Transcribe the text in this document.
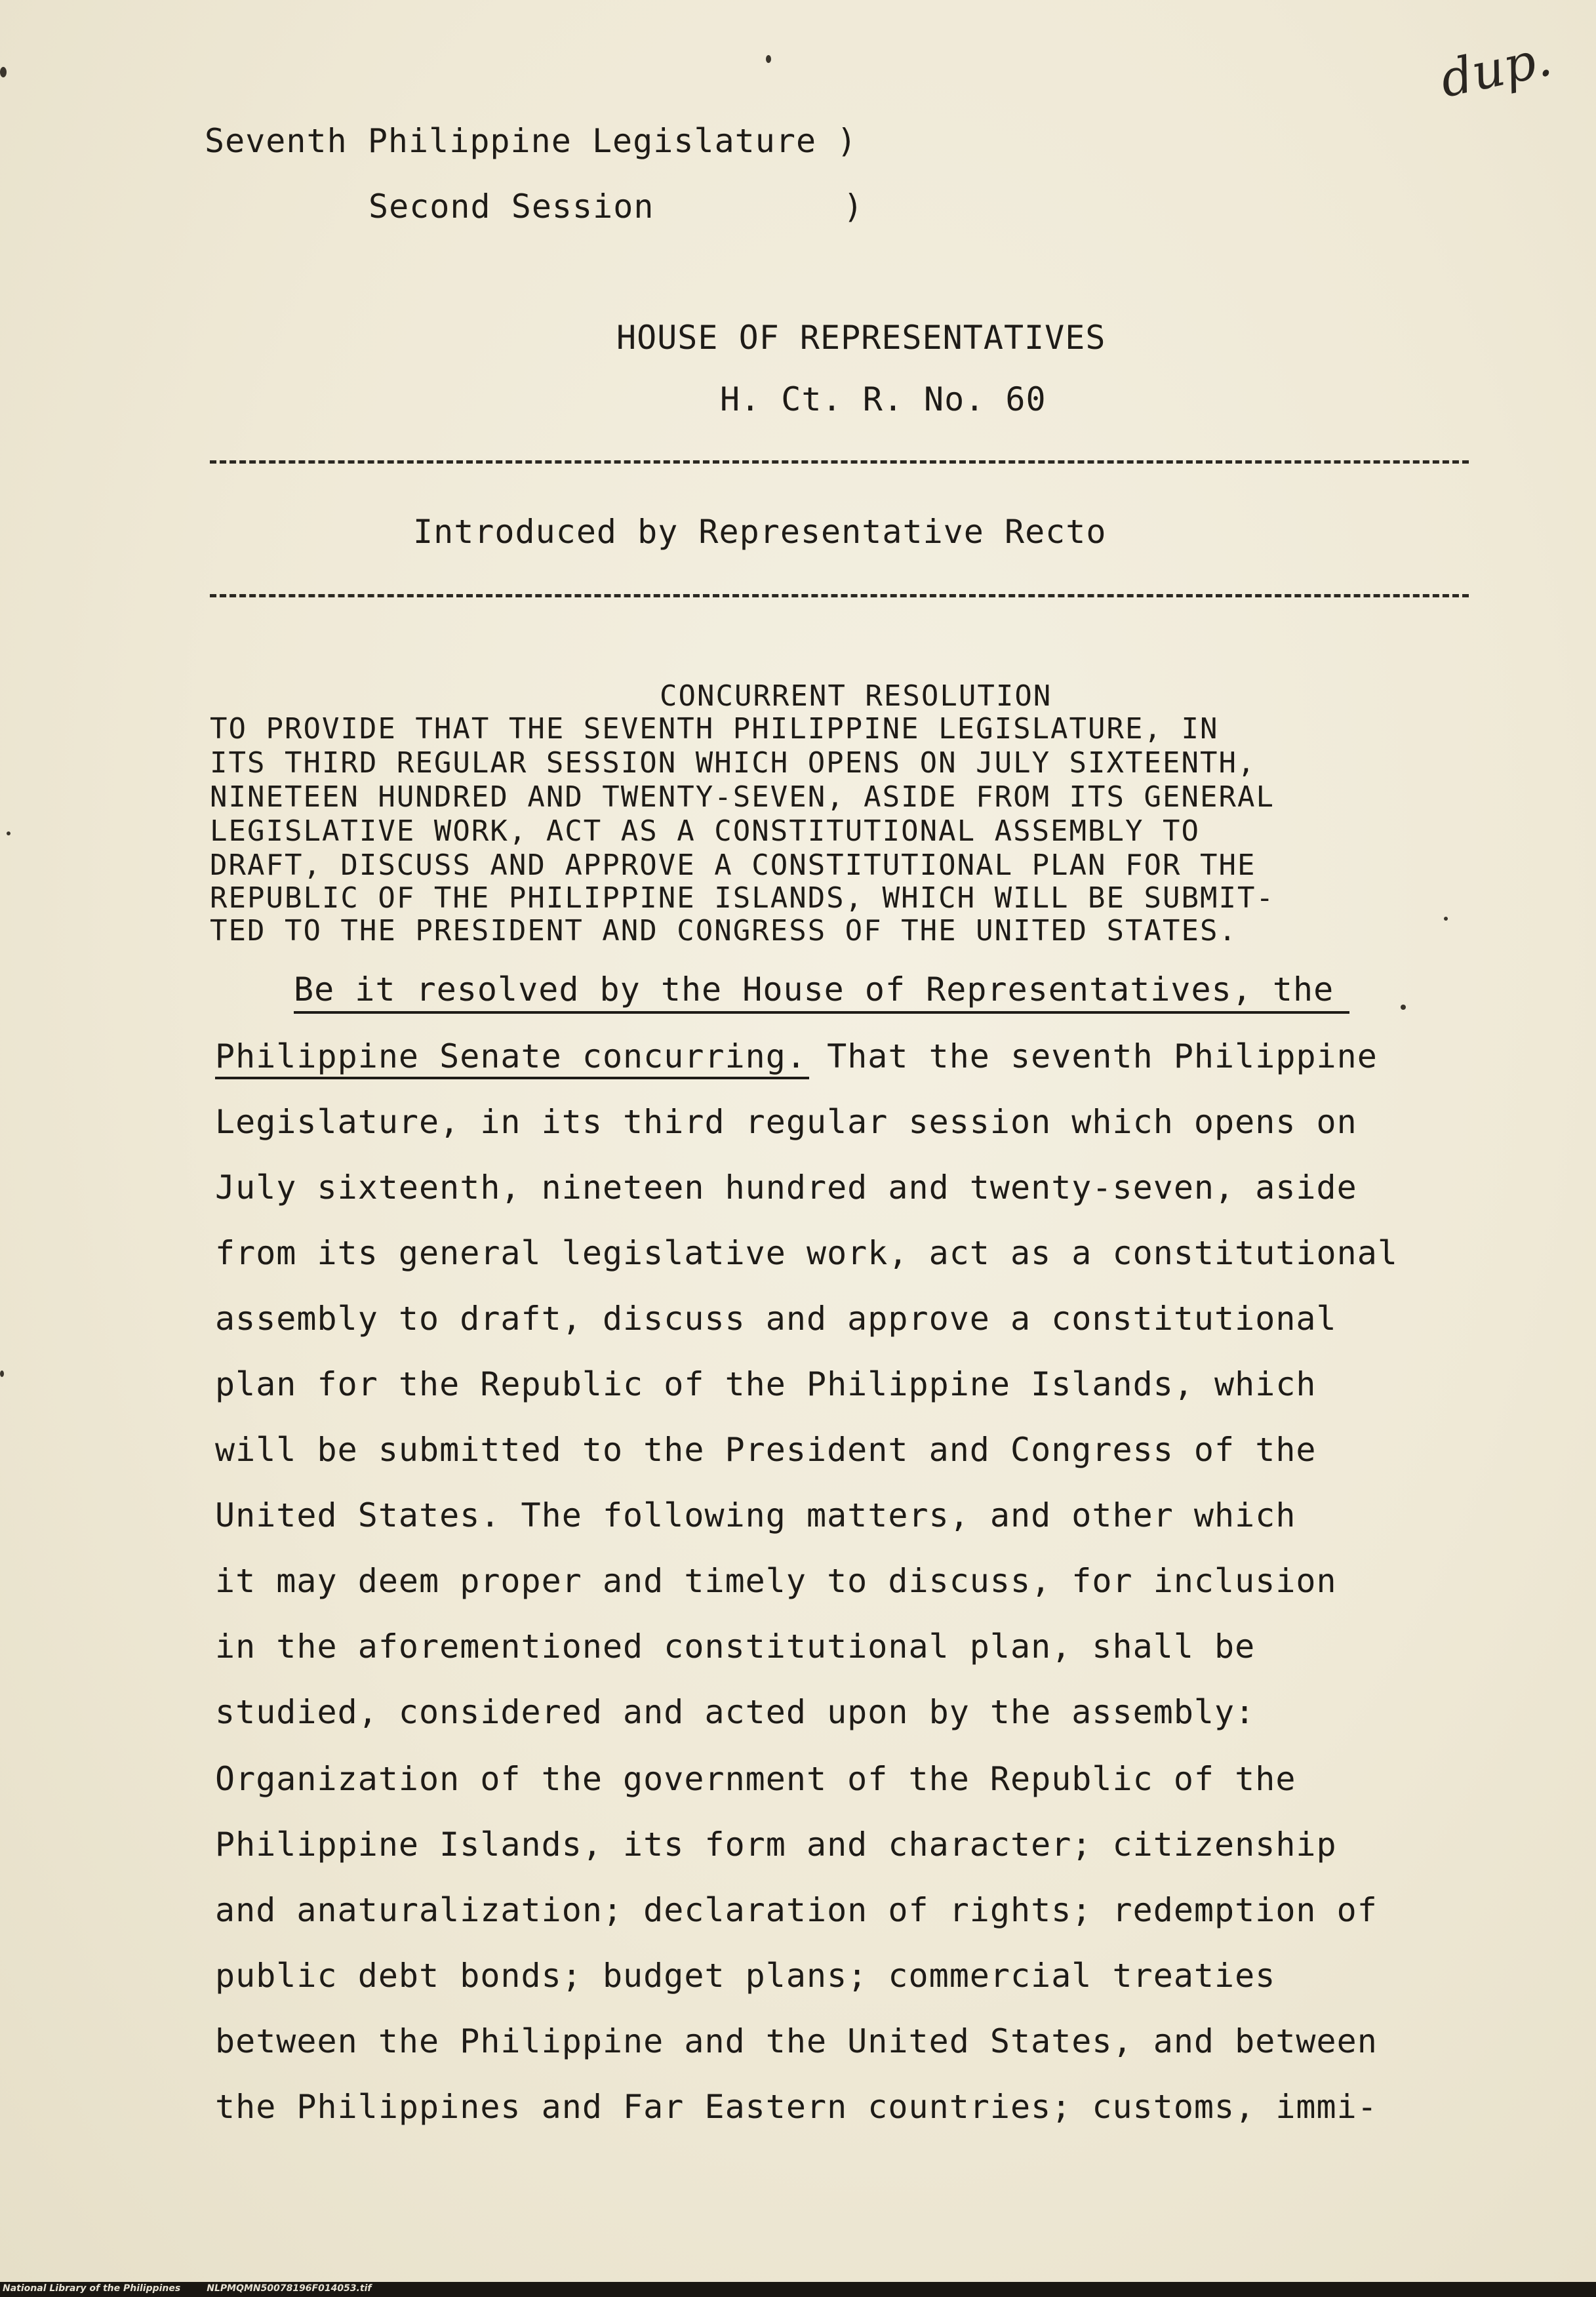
dup.
Seventh Philippine Legislature )
Second Session	)
HOUSE OF REPRESENTATIVES
H. Ct. R. No. 60
Introduced by Representative Recto
CONCURRENT RESOLUTION
TO PROVIDE THAT THE SEVENTH PHILIPPINE LEGISLATURE, IN
ITS THIRD REGULAR SESSION WHICH OPENS ON JULY SIXTEENTH,
NINETEEN HUNDRED AND TWENTY-SEVEN, ASIDE FROM ITS GENERAL
LEGISLATIVE WORK, ACT AS A CONSTITUTIONAL ASSEMBLY TO
DRAFT, DISCUSS AND APPROVE A CONSTITUTIONAL PLAN FOR THE
REPUBLIC OF THE PHILIPPINE ISLANDS, WHICH WILL BE SUBMIT-
TED TO THE PRESIDENT AND CONGRESS OF THE UNITED STATES.
Be it resolved by the House of Representatives, the
Philippine Senate concurring. That the seventh Philippine
Legislature, in its third regular session which opens on
July sixteenth, nineteen hundred and twenty-seven, aside
from its general legislative work, act as a constitutional
assembly to draft, discuss and approve a constitutional
plan for the Republic of the Philippine Islands, which
will be submitted to the President and Congress of the
United States. The following matters, and other which
it may deem proper and timely to discuss, for inclusion
in the aforementioned constitutional plan, shall be
studied, considered and acted upon by the assembly:
Organization of the government of the Republic of the
Philippine Islands, its form and character; citizenship
and anaturalization; declaration of rights; redemption of
public debt bonds; budget plans; commercial treaties
between the Philippine and the United States, and between
the Philippines and Far Eastern countries; customs, immi-
National Library of the Philippines	NLPMQMN50078196F014053.tif
